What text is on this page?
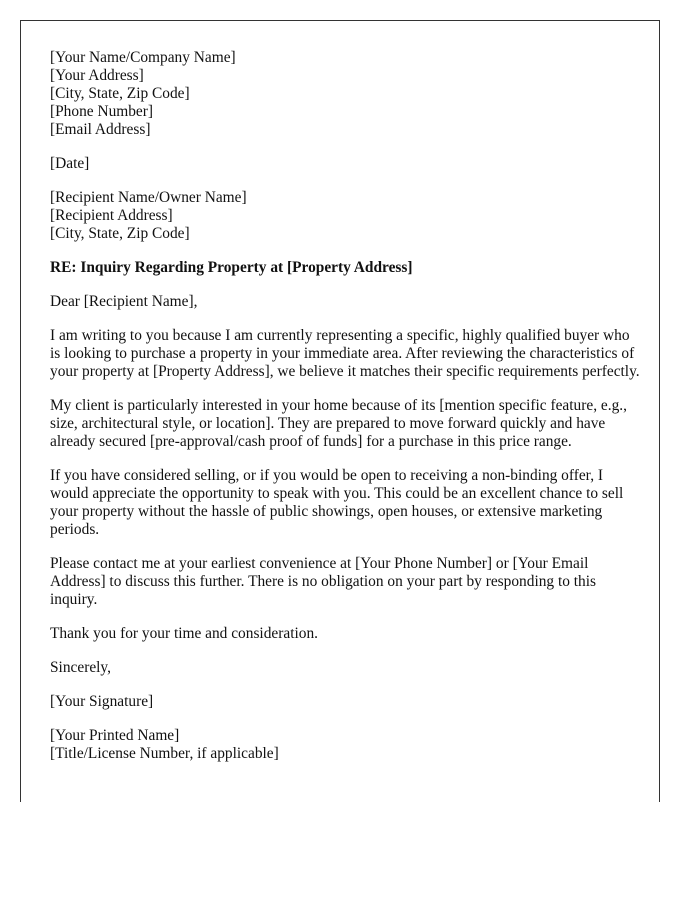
[Your Name/Company Name]
[Your Address]
[City, State, Zip Code]
[Phone Number]
[Email Address]

[Date]

[Recipient Name/Owner Name]
[Recipient Address]
[City, State, Zip Code]

RE: Inquiry Regarding Property at [Property Address]

Dear [Recipient Name],

I am writing to you because I am currently representing a specific, highly qualified buyer who is looking to purchase a property in your immediate area. After reviewing the characteristics of your property at [Property Address], we believe it matches their specific requirements perfectly.

My client is particularly interested in your home because of its [mention specific feature, e.g., size, architectural style, or location]. They are prepared to move forward quickly and have already secured [pre-approval/cash proof of funds] for a purchase in this price range.

If you have considered selling, or if you would be open to receiving a non-binding offer, I would appreciate the opportunity to speak with you. This could be an excellent chance to sell your property without the hassle of public showings, open houses, or extensive marketing periods.

Please contact me at your earliest convenience at [Your Phone Number] or [Your Email Address] to discuss this further. There is no obligation on your part by responding to this inquiry.

Thank you for your time and consideration.

Sincerely,

[Your Signature]

[Your Printed Name]
[Title/License Number, if applicable]
